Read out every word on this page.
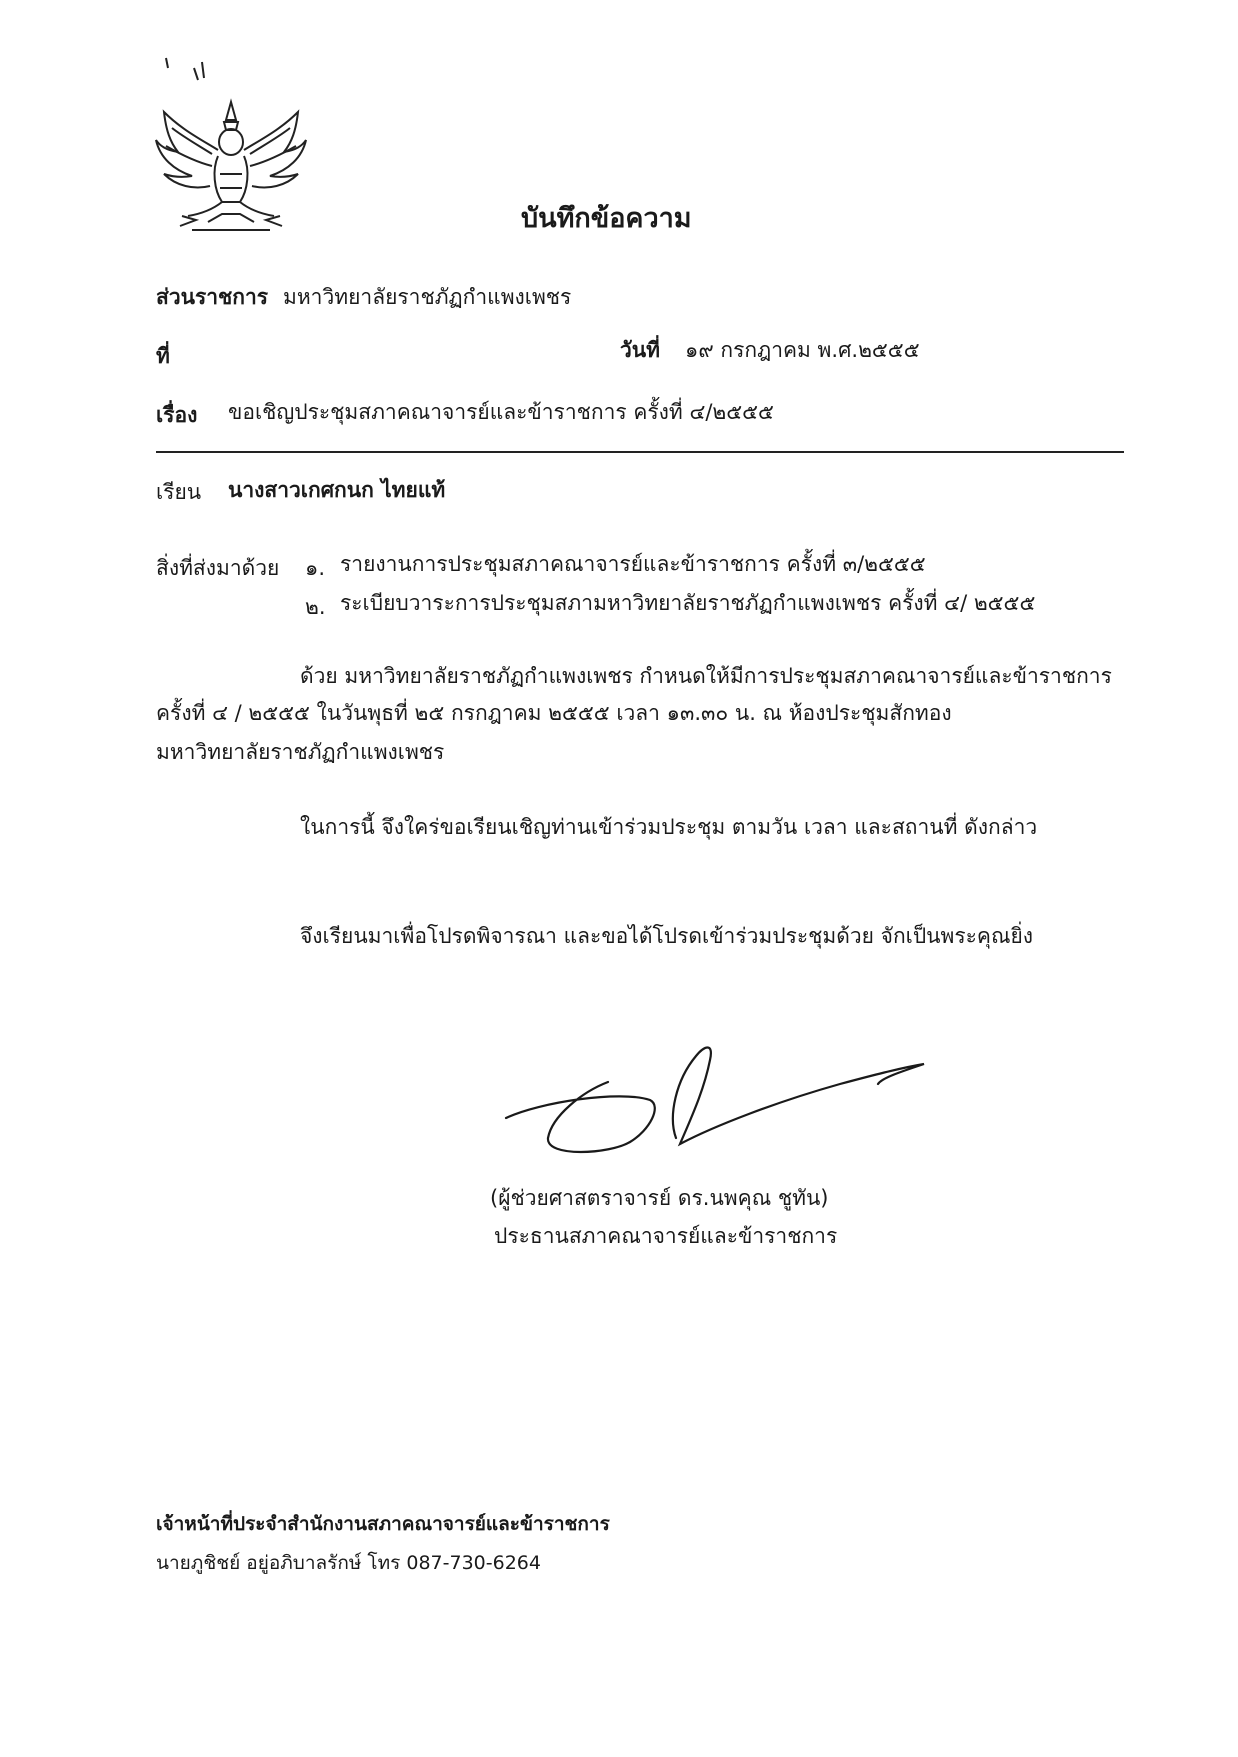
บันทึกข้อความ
ส่วนราชการ มหาวิทยาลัยราชภัฏกำแพงเพชร
ที่	วันที่ ๑๙ กรกฎาคม พ.ศ.๒๕๕๕
เรื่อง ขอเชิญประชุมสภาคณาจารย์และข้าราชการ ครั้งที่ ๔/๒๕๕๕
เรียน นางสาวเกศกนก ไทยแท้
สิ่งที่ส่งมาด้วย ๑. รายงานการประชุมสภาคณาจารย์และข้าราชการ ครั้งที่ ๓/๒๕๕๕
๒. ระเบียบวาระการประชุมสภามหาวิทยาลัยราชภัฏกำแพงเพชร ครั้งที่ ๔/ ๒๕๕๕
ด้วย มหาวิทยาลัยราชภัฏกำแพงเพชร กำหนดให้มีการประชุมสภาคณาจารย์และข้าราชการ
ครั้งที่ ๔ / ๒๕๕๕ ในวันพุธที่ ๒๕ กรกฎาคม ๒๕๕๕ เวลา ๑๓.๓๐ น. ณ ห้องประชุมสักทอง
มหาวิทยาลัยราชภัฏกำแพงเพชร
ในการนี้ จึงใคร่ขอเรียนเชิญท่านเข้าร่วมประชุม ตามวัน เวลา และสถานที่ ดังกล่าว
จึงเรียนมาเพื่อโปรดพิจารณา และขอได้โปรดเข้าร่วมประชุมด้วย จักเป็นพระคุณยิ่ง
(ผู้ช่วยศาสตราจารย์ ดร.นพคุณ ชูทัน)
ประธานสภาคณาจารย์และข้าราชการ
เจ้าหน้าที่ประจำสำนักงานสภาคณาจารย์และข้าราชการ
นายภูชิชย์ อยู่อภิบาลรักษ์ โทร 087-730-6264
